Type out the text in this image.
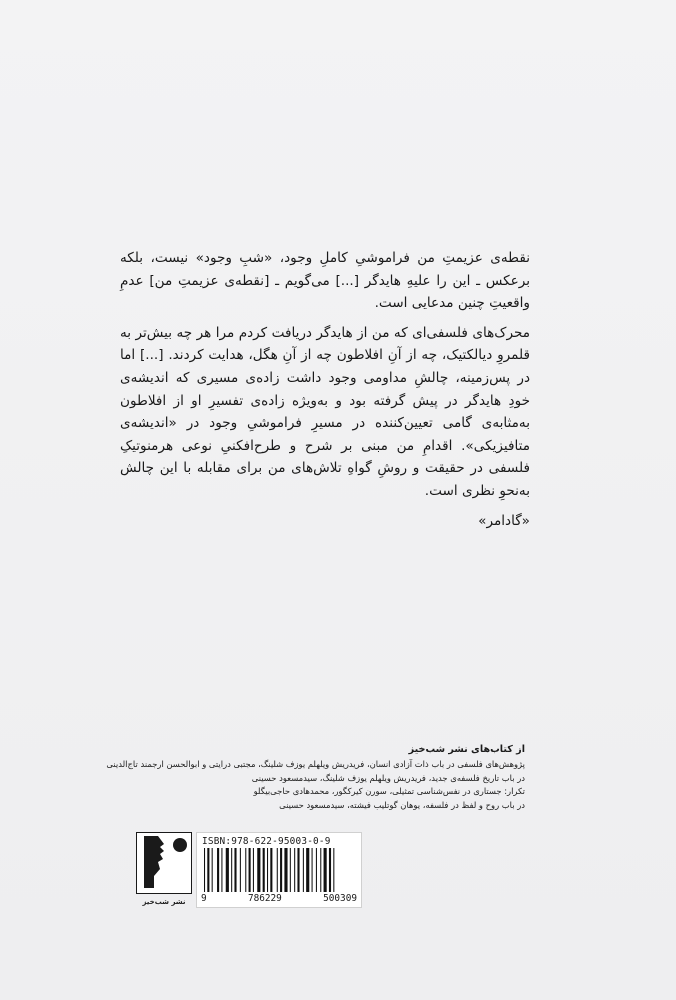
نقطه‌ی عزیمتِ من فراموشیِ کاملِ وجود، «شبِ وجود» نیست، بلکه برعکس ـ این را علیهِ هایدگر [...] می‌گویم ـ [نقطه‌ی عزیمتِ من] عدمِ واقعیتِ چنین مدعایی است.

محرک‌های فلسفی‌ای که من از هایدگر دریافت کردم مرا هر چه بیش‌تر به قلمروِ دیالکتیک، چه از آنِ افلاطون چه از آنِ هگل، هدایت کردند. [...] اما در پس‌زمینه، چالشِ مداومی وجود داشت زاده‌ی مسیری که اندیشه‌ی خودِ هایدگر در پیش گرفته بود و به‌ویژه زاده‌ی تفسیرِ او از افلاطون به‌مثابه‌ی گامی تعیین‌کننده در مسیرِ فراموشیِ وجود در «اندیشه‌ی متافیزیکی». اقدامِ من مبنی بر شرح و طرح‌افکنیِ نوعی هرمنوتیکِ فلسفی در حقیقت و روشِ گواهِ تلاش‌های من برای مقابله با این چالش به‌نحوِ نظری است.

«گادامر»

از کتاب‌های نشر شب‌خیز
پژوهش‌های فلسفی در باب ذات آزادی انسان، فریدریش ویلهلم یوزف شلینگ، مجتبی درایتی و ابوالحسن ارجمند تاج‌الدینی
در باب تاریخ فلسفه‌ی جدید، فریدریش ویلهلم یوزف شلینگ، سیدمسعود حسینی
تکرار: جستاری در نفس‌شناسی تمثیلی، سورن کیرکگور، محمدهادی حاجی‌بیگلو
در باب روح و لفظ در فلسفه، یوهان گوتلیب فیشته، سیدمسعود حسینی
نشر شب‌خیز
ISBN:978-622-95003-0-9
9	786229	500309
